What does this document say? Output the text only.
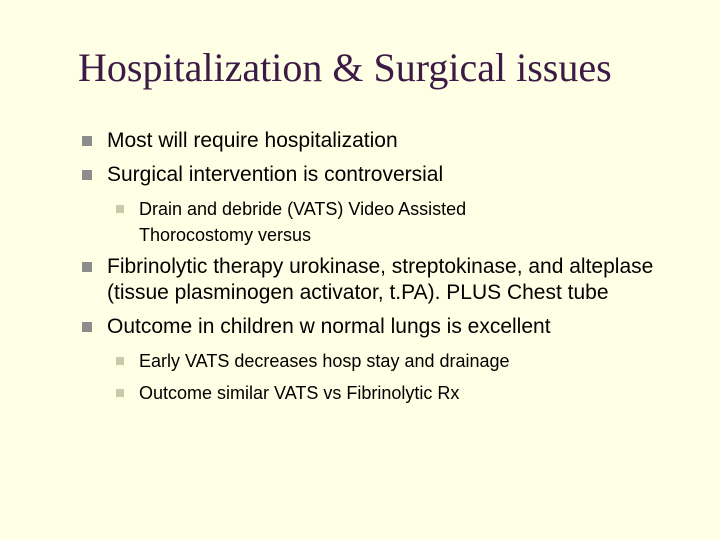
Hospitalization & Surgical issues
Most will require hospitalization
Surgical intervention is controversial
Drain and debride (VATS) Video Assisted Thorocostomy versus
Fibrinolytic therapy urokinase, streptokinase, and alteplase (tissue plasminogen activator, t.PA). PLUS Chest tube
Outcome in children w normal lungs is excellent
Early VATS decreases hosp stay and drainage
Outcome similar VATS vs Fibrinolytic Rx
